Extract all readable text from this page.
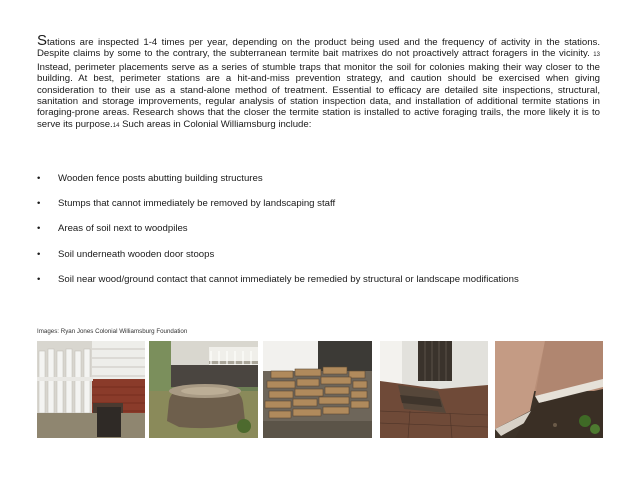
Stations are inspected 1-4 times per year, depending on the product being used and the frequency of activity in the stations. Despite claims by some to the contrary, the subterranean termite bait matrixes do not proactively attract foragers in the vicinity. 13 Instead, perimeter placements serve as a series of stumble traps that monitor the soil for colonies making their way closer to the building. At best, perimeter stations are a hit-and-miss prevention strategy, and caution should be exercised when giving consideration to their use as a stand-alone method of treatment. Essential to efficacy are detailed site inspections, structural, sanitation and storage improvements, regular analysis of station inspection data, and installation of additional termite stations in foraging-prone areas. Research shows that the closer the termite station is installed to active foraging trails, the more likely it is to serve its purpose.14 Such areas in Colonial Williamsburg include:

• Wooden fence posts abutting building structures
• Stumps that cannot immediately be removed by landscaping staff
• Areas of soil next to woodpiles
• Soil underneath wooden door stoops
• Soil near wood/ground contact that cannot immediately be remedied by structural or landscape modifications
Images: Ryan Jones Colonial Williamsburg Foundation
